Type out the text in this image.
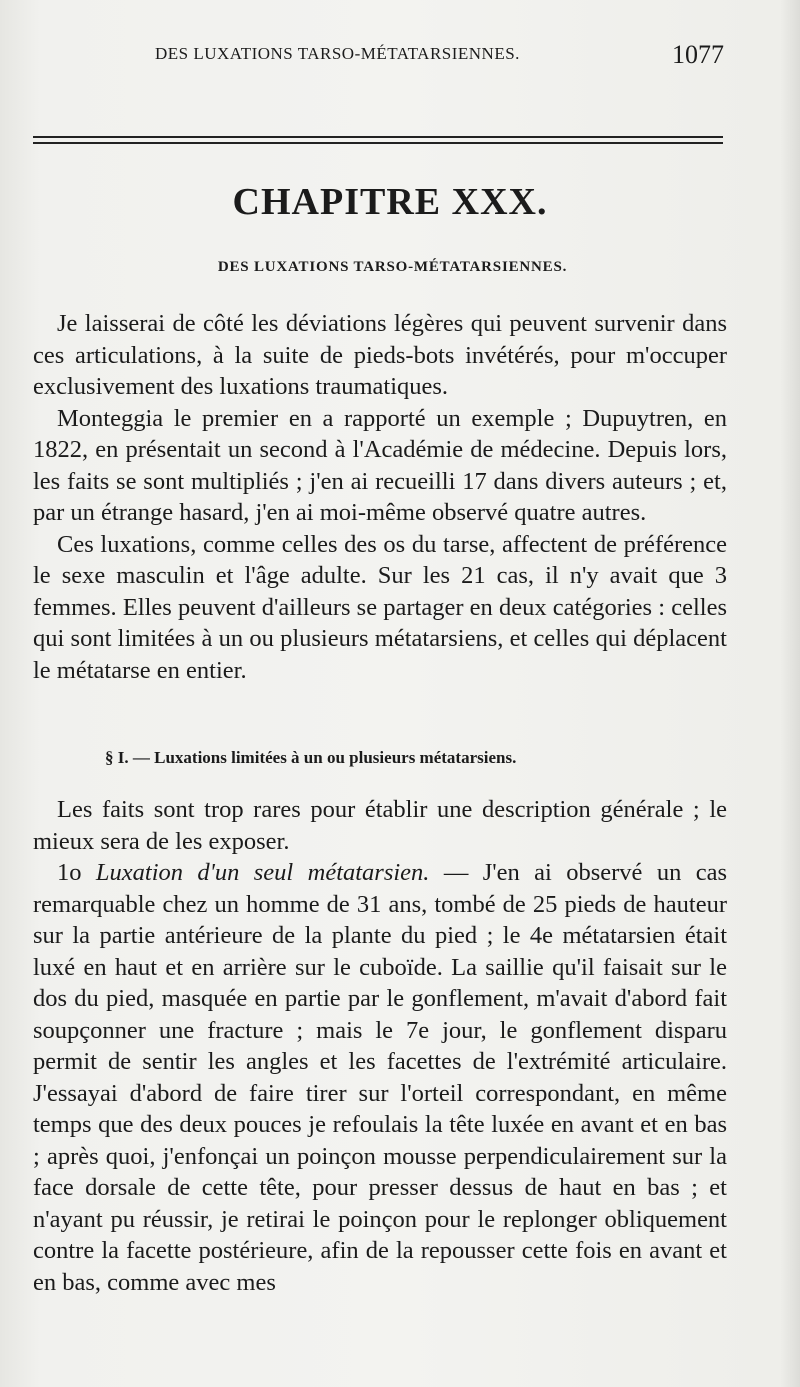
DES LUXATIONS TARSO-MÉTATARSIENNES.	1077
CHAPITRE XXX.
DES LUXATIONS TARSO-MÉTATARSIENNES.

Je laisserai de côté les déviations légères qui peuvent survenir dans ces articulations, à la suite de pieds-bots invétérés, pour m'occuper exclusivement des luxations traumatiques.

Monteggia le premier en a rapporté un exemple ; Dupuytren, en 1822, en présentait un second à l'Académie de médecine. Depuis lors, les faits se sont multipliés ; j'en ai recueilli 17 dans divers auteurs ; et, par un étrange hasard, j'en ai moi-même observé quatre autres.

Ces luxations, comme celles des os du tarse, affectent de préférence le sexe masculin et l'âge adulte. Sur les 21 cas, il n'y avait que 3 femmes. Elles peuvent d'ailleurs se partager en deux catégories : celles qui sont limitées à un ou plusieurs métatarsiens, et celles qui déplacent le métatarse en entier.

§ I. — Luxations limitées à un ou plusieurs métatarsiens.

Les faits sont trop rares pour établir une description générale ; le mieux sera de les exposer.

1o Luxation d'un seul métatarsien. — J'en ai observé un cas remarquable chez un homme de 31 ans, tombé de 25 pieds de hauteur sur la partie antérieure de la plante du pied ; le 4e métatarsien était luxé en haut et en arrière sur le cuboïde. La saillie qu'il faisait sur le dos du pied, masquée en partie par le gonflement, m'avait d'abord fait soupçonner une fracture ; mais le 7e jour, le gonflement disparu permit de sentir les angles et les facettes de l'extrémité articulaire. J'essayai d'abord de faire tirer sur l'orteil correspondant, en même temps que des deux pouces je refoulais la tête luxée en avant et en bas ; après quoi, j'enfonçai un poinçon mousse perpendiculairement sur la face dorsale de cette tête, pour presser dessus de haut en bas ; et n'ayant pu réussir, je retirai le poinçon pour le replonger obliquement contre la facette postérieure, afin de la repousser cette fois en avant et en bas, comme avec mes
